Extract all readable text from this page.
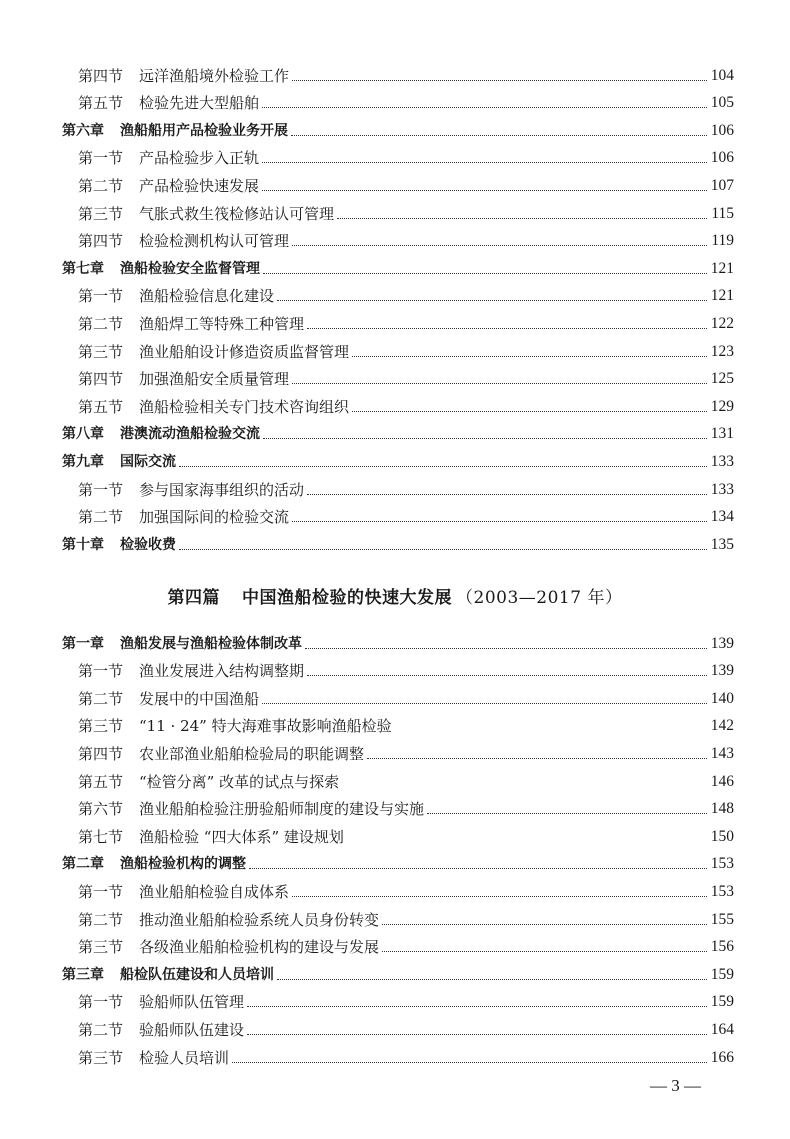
第四节 远洋渔船境外检验工作	104
第五节 检验先进大型船舶	105
第六章 渔船船用产品检验业务开展	106
第一节 产品检验步入正轨	106
第二节 产品检验快速发展	107
第三节 气胀式救生筏检修站认可管理	115
第四节 检验检测机构认可管理	119
第七章 渔船检验安全监督管理	121
第一节 渔船检验信息化建设	121
第二节 渔船焊工等特殊工种管理	122
第三节 渔业船舶设计修造资质监督管理	123
第四节 加强渔船安全质量管理	125
第五节 渔船检验相关专门技术咨询组织	129
第八章 港澳流动渔船检验交流	131
第九章 国际交流	133
第一节 参与国家海事组织的活动	133
第二节 加强国际间的检验交流	134
第十章 检验收费	135
第四篇 中国渔船检验的快速大发展 （2003—2017 年）
第一章 渔船发展与渔船检验体制改革	139
第一节 渔业发展进入结构调整期	139
第二节 发展中的中国渔船	140
第三节 “11 · 24” 特大海难事故影响渔船检验	142
第四节 农业部渔业船舶检验局的职能调整	143
第五节 “检管分离” 改革的试点与探索	146
第六节 渔业船舶检验注册验船师制度的建设与实施	148
第七节 渔船检验 “四大体系” 建设规划	150
第二章 渔船检验机构的调整	153
第一节 渔业船舶检验自成体系	153
第二节 推动渔业船舶检验系统人员身份转变	155
第三节 各级渔业船舶检验机构的建设与发展	156
第三章 船检队伍建设和人员培训	159
第一节 验船师队伍管理	159
第二节 验船师队伍建设	164
第三节 检验人员培训	166
— 3 —
